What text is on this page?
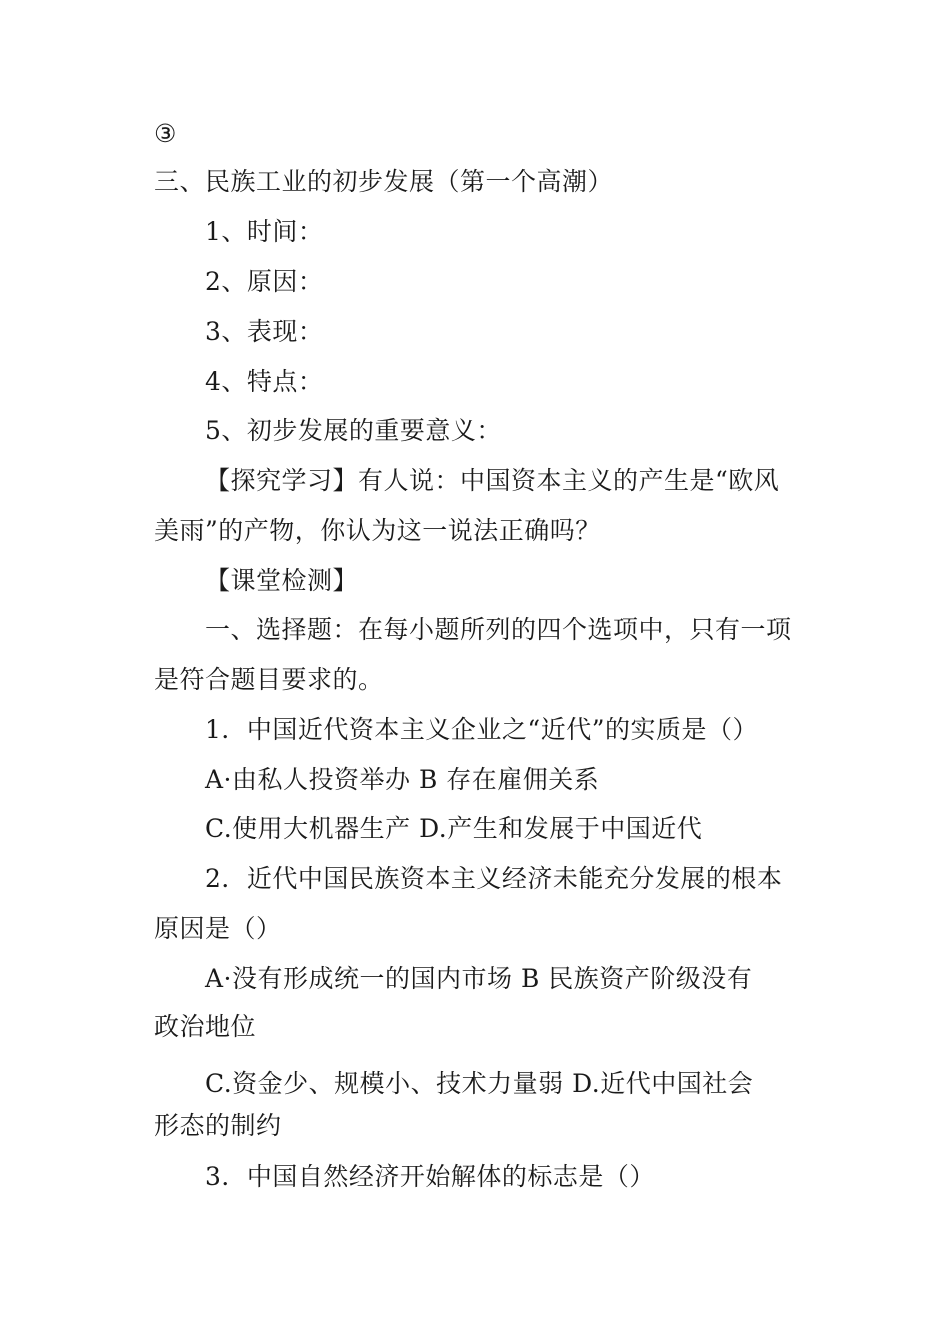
③
三、民族工业的初步发展（第一个高潮）
1、时间：
2、原因：
3、表现：
4、特点：
5、初步发展的重要意义：
【探究学习】有人说：中国资本主义的产生是“欧风
美雨”的产物，你认为这一说法正确吗？
【课堂检测】
一、选择题：在每小题所列的四个选项中，只有一项
是符合题目要求的。
1．中国近代资本主义企业之“近代”的实质是（）
A·由私人投资举办 B 存在雇佣关系
C.使用大机器生产 D.产生和发展于中国近代
2．近代中国民族资本主义经济未能充分发展的根本
原因是（）
A·没有形成统一的国内市场 B 民族资产阶级没有
政治地位
C.资金少、规模小、技术力量弱 D.近代中国社会
形态的制约
3．中国自然经济开始解体的标志是（）
